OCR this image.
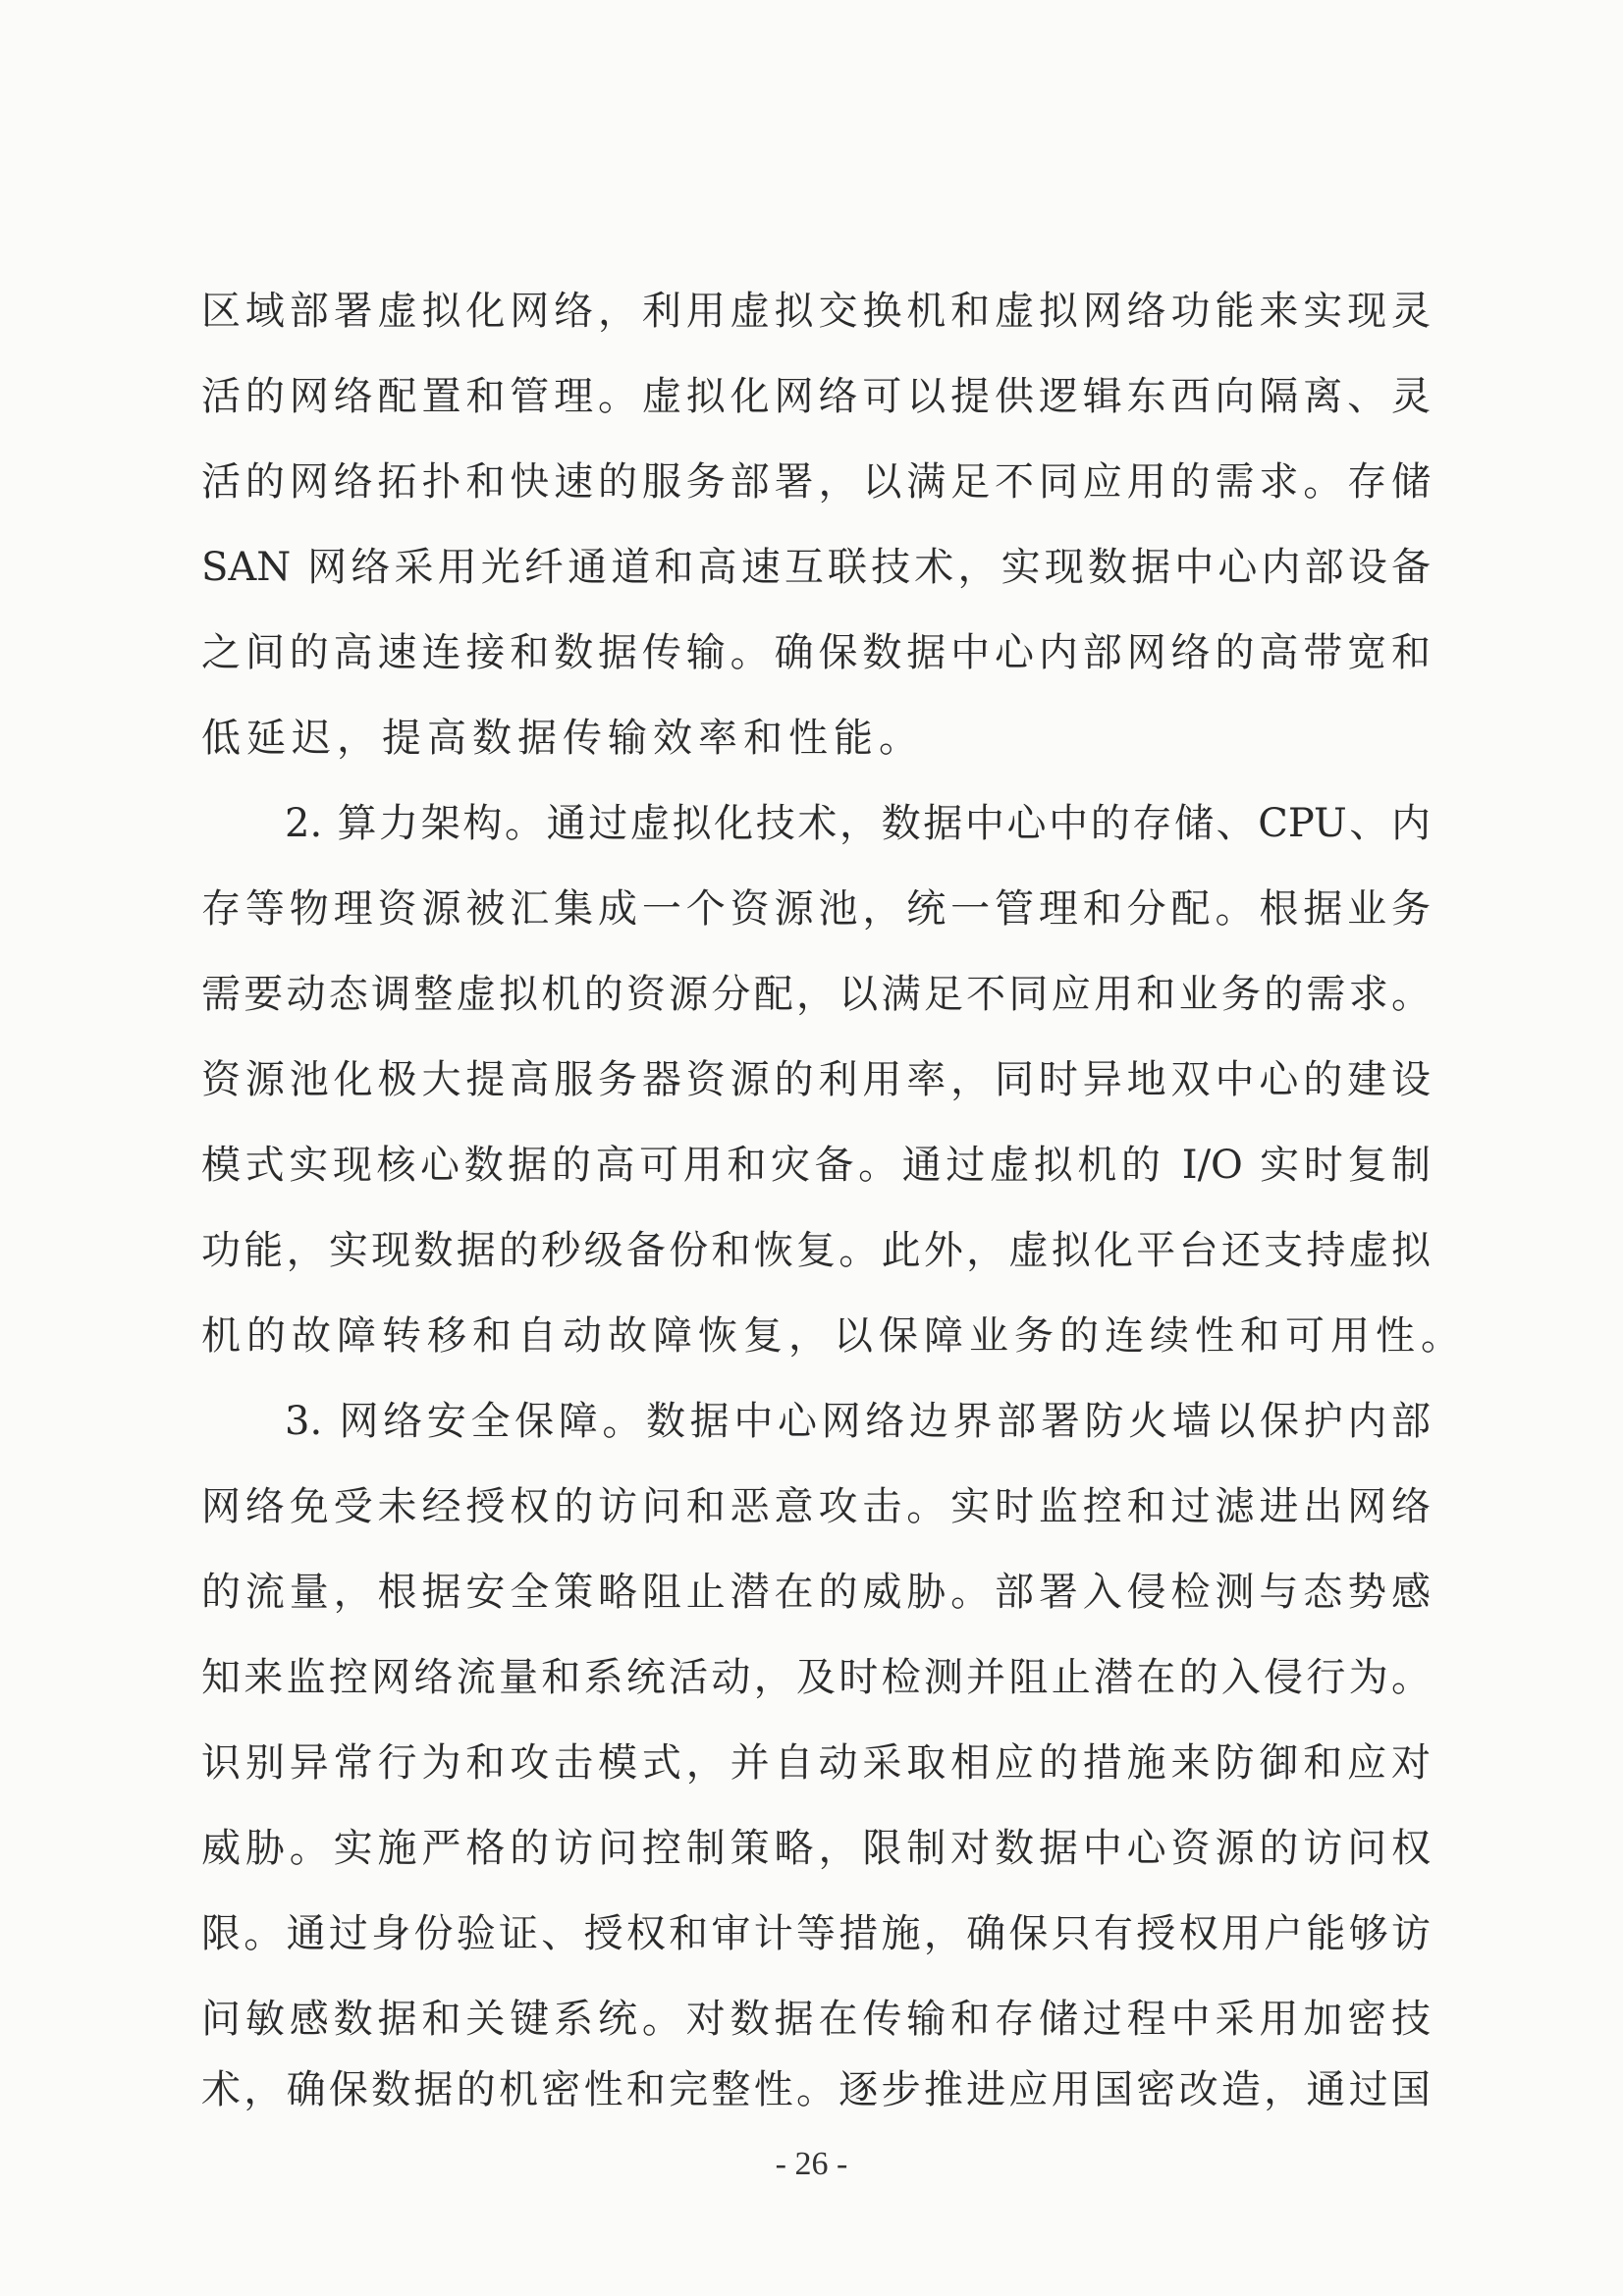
区域部署虚拟化网络，利用虚拟交换机和虚拟网络功能来实现灵
活的网络配置和管理。虚拟化网络可以提供逻辑东西向隔离、灵
活的网络拓扑和快速的服务部署，以满足不同应用的需求。存储
SAN 网络采用光纤通道和高速互联技术，实现数据中心内部设备
之间的高速连接和数据传输。确保数据中心内部网络的高带宽和
低延迟，提高数据传输效率和性能。
2. 算力架构。通过虚拟化技术，数据中心中的存储、CPU、内
存等物理资源被汇集成一个资源池，统一管理和分配。根据业务
需要动态调整虚拟机的资源分配，以满足不同应用和业务的需求。
资源池化极大提高服务器资源的利用率，同时异地双中心的建设
模式实现核心数据的高可用和灾备。通过虚拟机的 I/O 实时复制
功能，实现数据的秒级备份和恢复。此外，虚拟化平台还支持虚拟
机的故障转移和自动故障恢复，以保障业务的连续性和可用性。
3. 网络安全保障。数据中心网络边界部署防火墙以保护内部
网络免受未经授权的访问和恶意攻击。实时监控和过滤进出网络
的流量，根据安全策略阻止潜在的威胁。部署入侵检测与态势感
知来监控网络流量和系统活动，及时检测并阻止潜在的入侵行为。
识别异常行为和攻击模式，并自动采取相应的措施来防御和应对
威胁。实施严格的访问控制策略，限制对数据中心资源的访问权
限。通过身份验证、授权和审计等措施，确保只有授权用户能够访
问敏感数据和关键系统。对数据在传输和存储过程中采用加密技
术，确保数据的机密性和完整性。逐步推进应用国密改造，通过国
- 26 -
